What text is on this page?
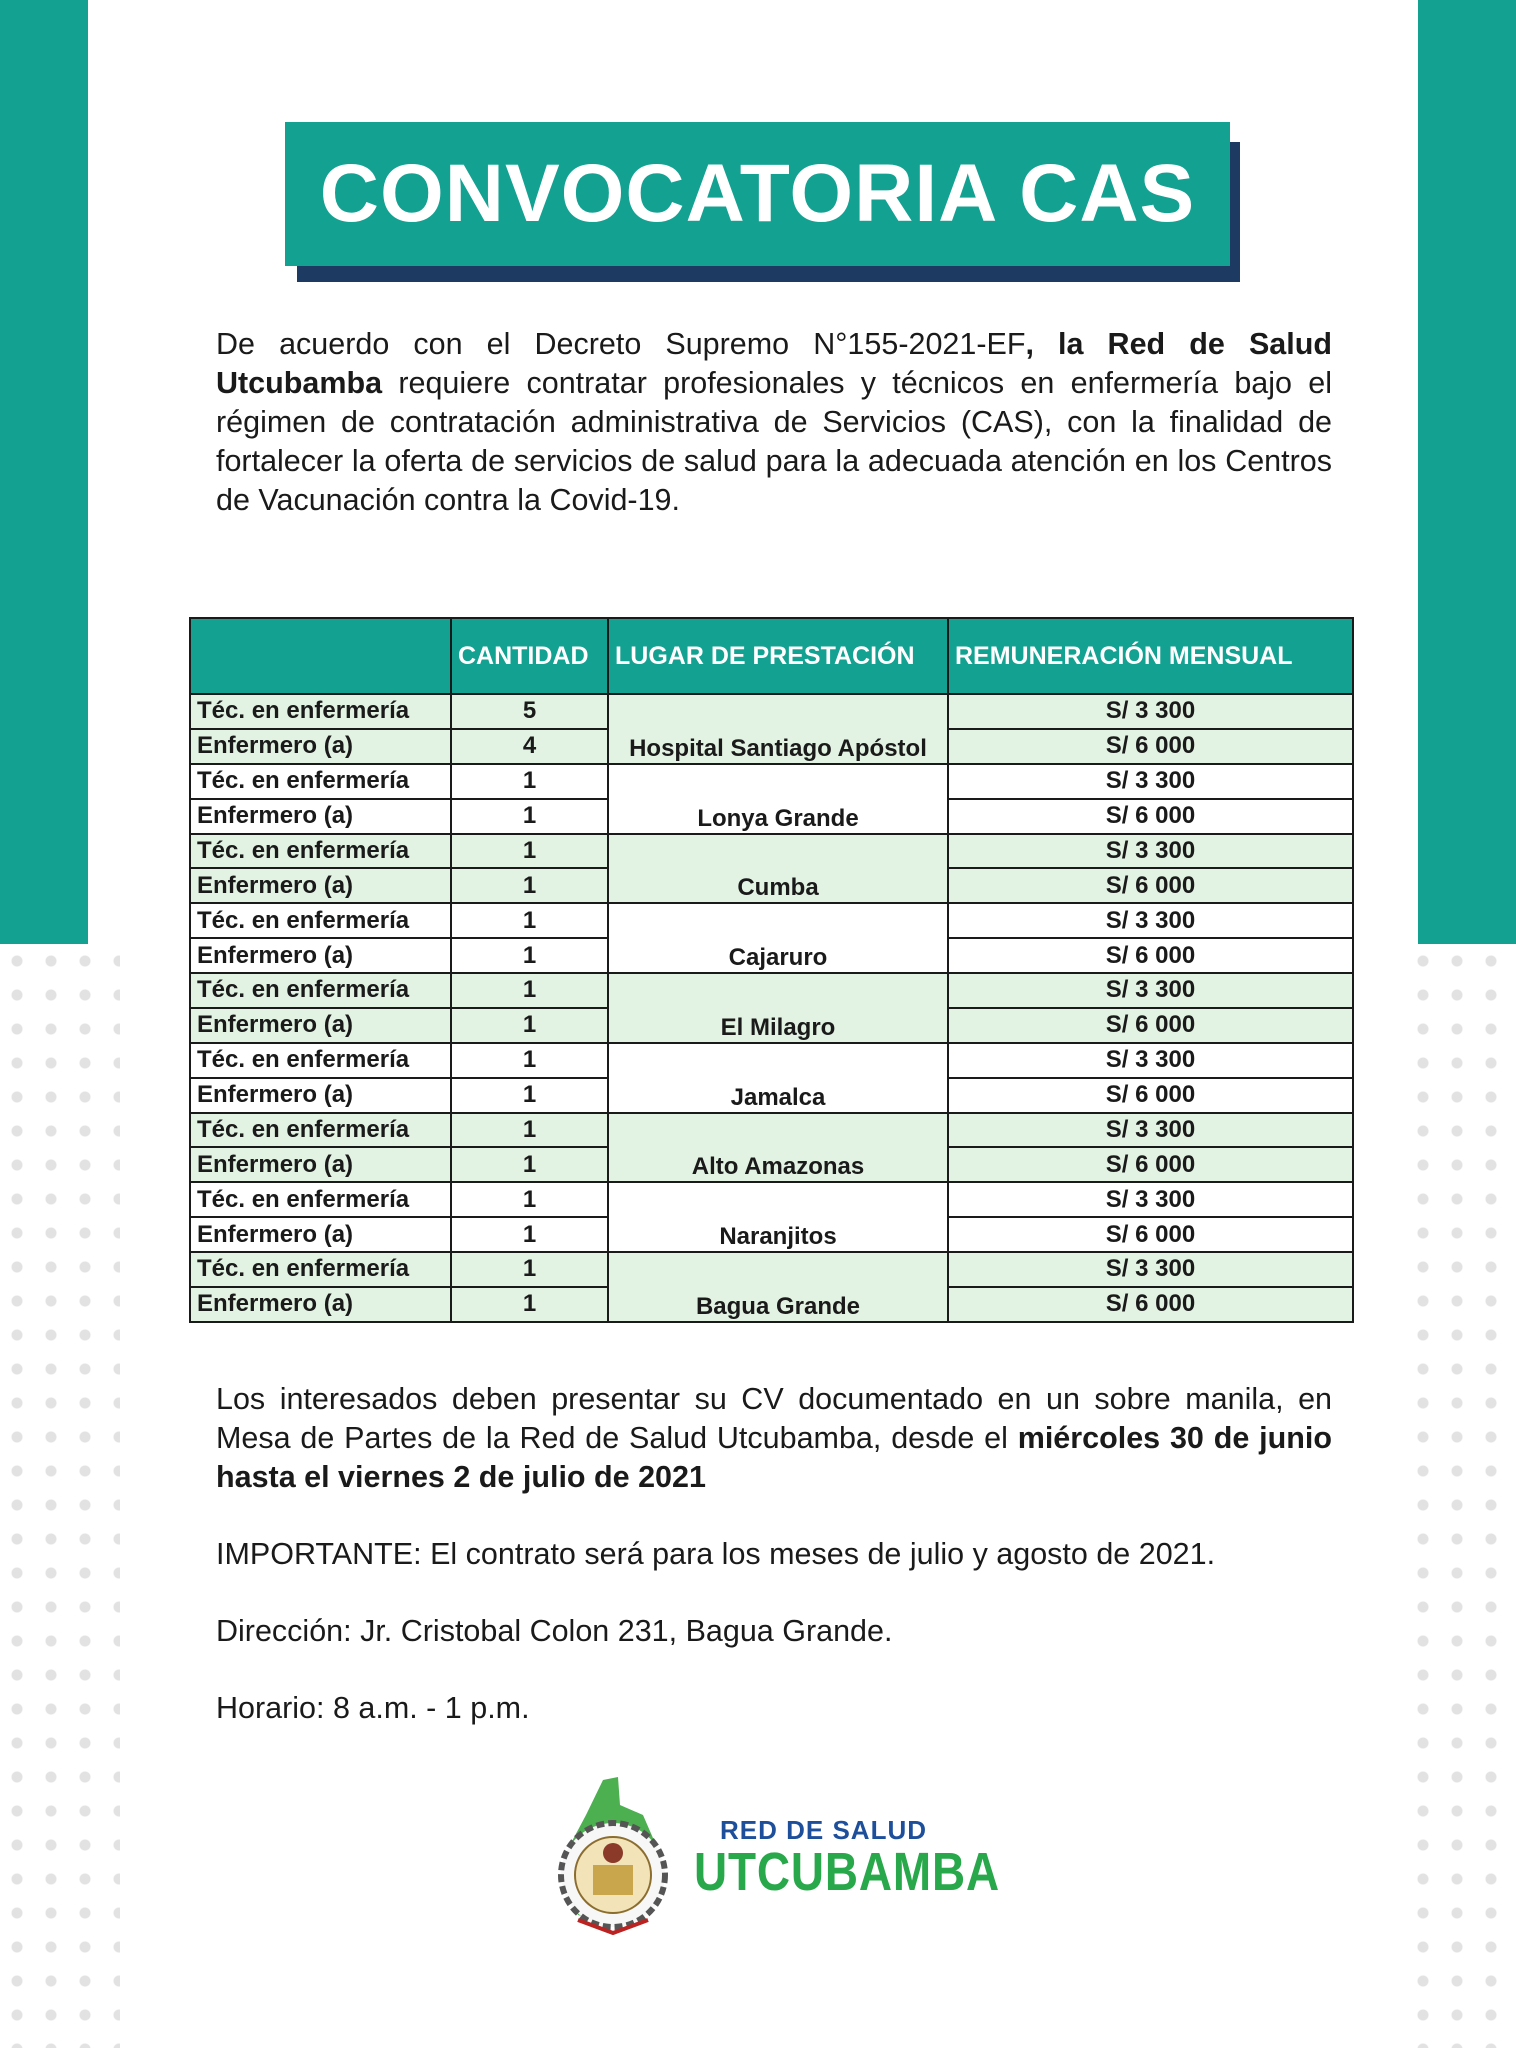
CONVOCATORIA CAS
De acuerdo con el Decreto Supremo N°155-2021-EF, la Red de Salud Utcubamba requiere contratar profesionales y técnicos en enfermería bajo el régimen de contratación administrativa de Servicios (CAS), con la finalidad de fortalecer la oferta de servicios de salud para la adecuada atención en los Centros de Vacunación contra la Covid-19.
	CANTIDAD	LUGAR DE PRESTACIÓN	REMUNERACIÓN MENSUAL
Téc. en enfermería	5	Hospital Santiago Apóstol	S/ 3 300
Enfermero (a)	4		S/ 6 000
Téc. en enfermería	1	Lonya Grande	S/ 3 300
Enfermero (a)	1		S/ 6 000
Téc. en enfermería	1	Cumba	S/ 3 300
Enfermero (a)	1		S/ 6 000
Téc. en enfermería	1	Cajaruro	S/ 3 300
Enfermero (a)	1		S/ 6 000
Téc. en enfermería	1	El Milagro	S/ 3 300
Enfermero (a)	1		S/ 6 000
Téc. en enfermería	1	Jamalca	S/ 3 300
Enfermero (a)	1		S/ 6 000
Téc. en enfermería	1	Alto Amazonas	S/ 3 300
Enfermero (a)	1		S/ 6 000
Téc. en enfermería	1	Naranjitos	S/ 3 300
Enfermero (a)	1		S/ 6 000
Téc. en enfermería	1	Bagua Grande	S/ 3 300
Enfermero (a)	1		S/ 6 000

Los interesados deben presentar su CV documentado en un sobre manila, en Mesa de Partes de la Red de Salud Utcubamba, desde el miércoles 30 de junio hasta el viernes 2 de julio de 2021

IMPORTANTE: El contrato será para los meses de julio y agosto de 2021.

Dirección: Jr. Cristobal Colon 231, Bagua Grande.

Horario: 8 a.m. - 1 p.m.

RED DE SALUD
UTCUBAMBA
